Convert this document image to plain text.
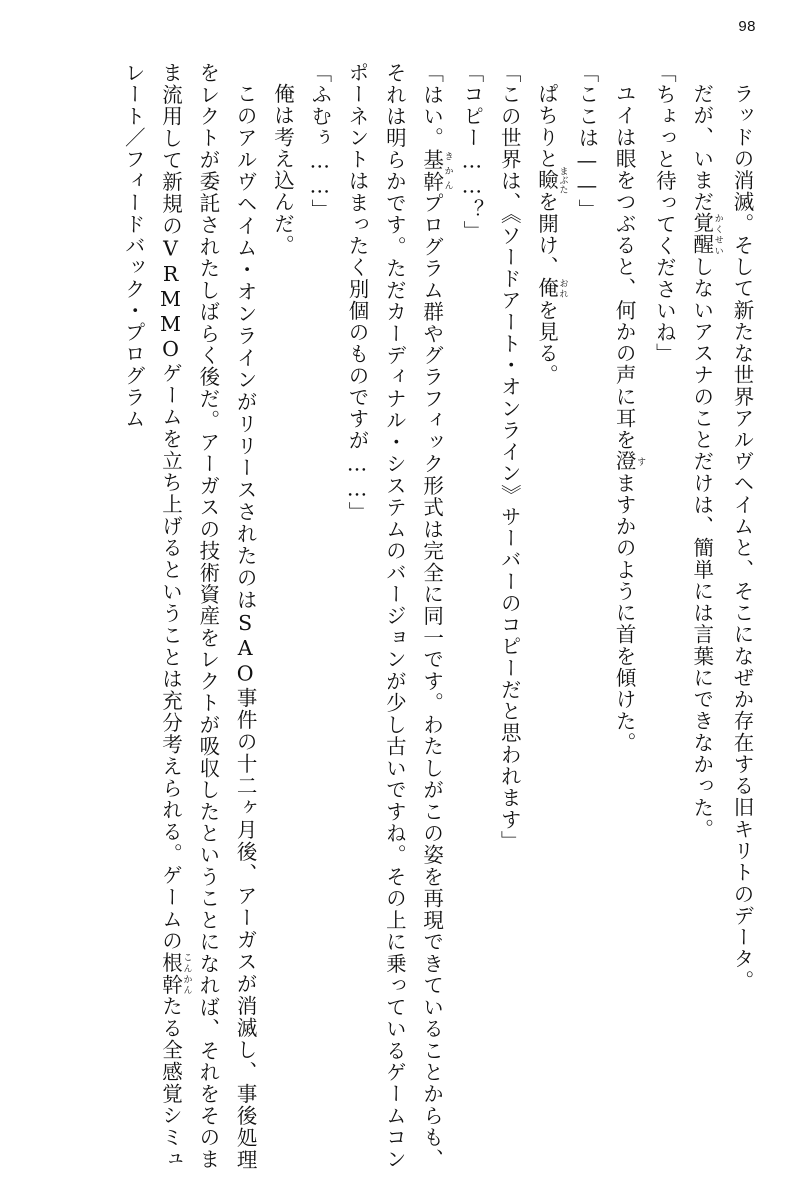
98

ラッドの消滅。そして新たな世界アルヴヘイムと、そこになぜか存在する旧キリトのデータ。

だが、いまだ覚醒 かくせいしないアスナのことだけは、簡単には言葉にできなかった。

「ちょっと待ってくださいね」

ユイは眼をつぶると、何かの声に耳を澄 すますかのように首を傾けた。

「ここは——」

ぱちりと瞼 まぶたを開け、俺 おれを見る。

「この世界は、《ソードアート・オンライン》サーバーのコピーだと思われます」

「コピー……？」

「はい。基幹 きかんプログラム群やグラフィック形式は完全に同一です。わたしがこの姿を再現できていることからも、それは明らかです。ただカーディナル・システムのバージョンが少し古いですね。その上に乗っているゲームコンポーネントはまったく別個のものですが……」

「ふむぅ……」

俺は考え込んだ。

このアルヴヘイム・オンラインがリリースされたのはSAO事件の十二ヶ月後、アーガスが消滅し、事後処理をレクトが委託されたしばらく後だ。アーガスの技術資産をレクトが吸収したということになれば、それをそのまま流用して新規のVRMMOゲームを立ち上げるということは充分考えられる。ゲームの根幹 こんかんたる全感覚シミュレート／フィードバック・プログラム
